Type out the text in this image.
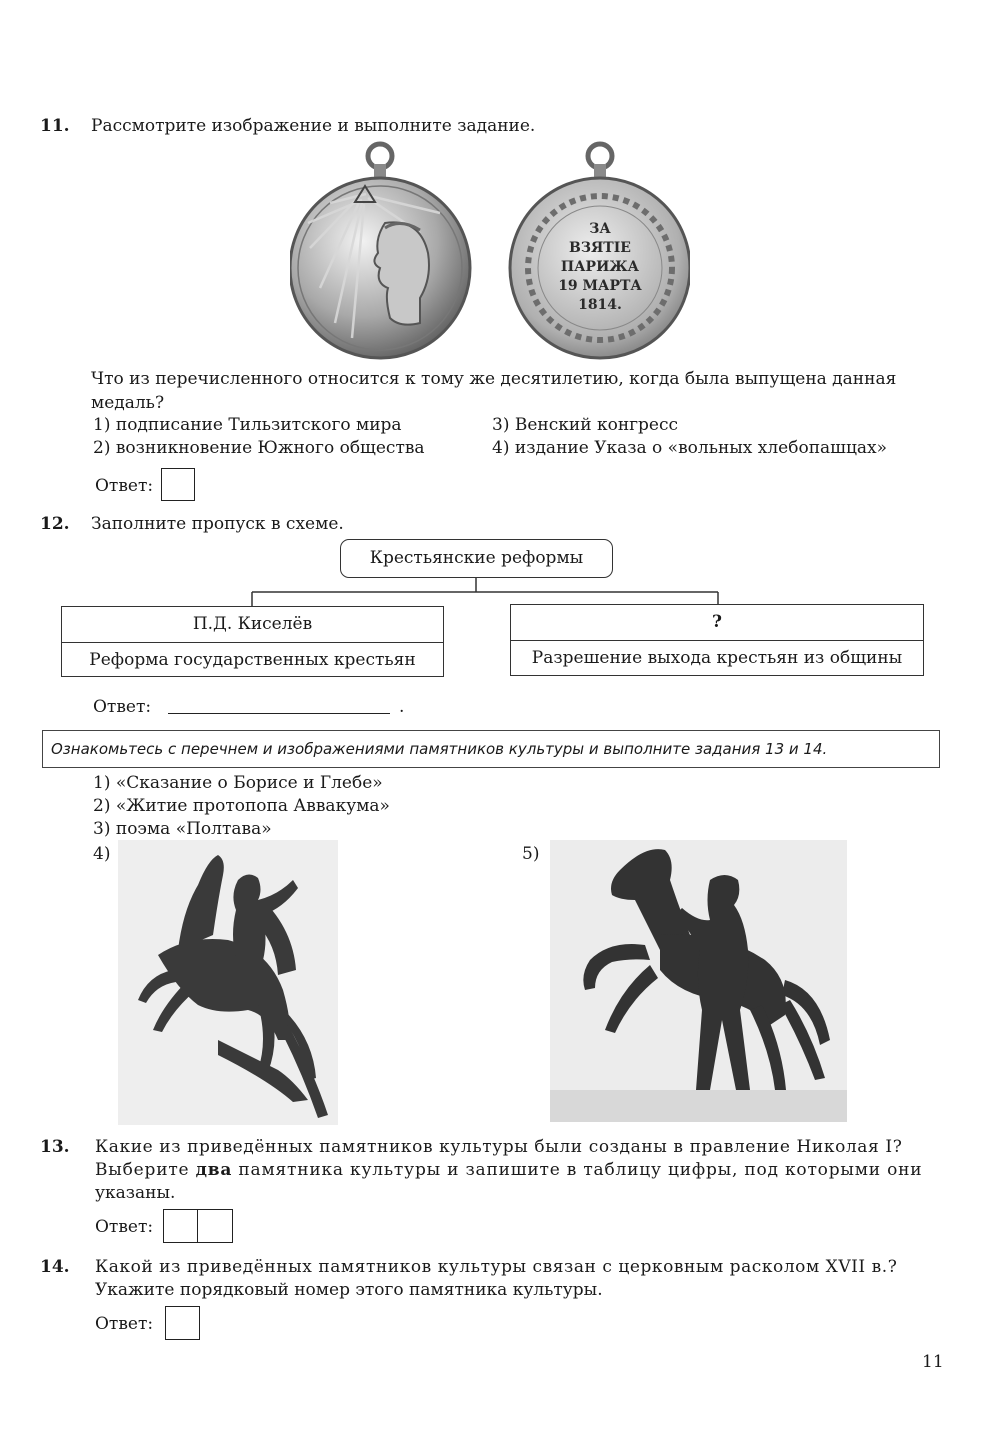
11. Рассмотрите изображение и выполните задание.
ЗА
ВЗЯТІЕ
ПАРИЖА
19 МАРТА
1814.
Что из перечисленного относится к тому же десятилетию, когда была выпущена данная
медаль?
1) подписание Тильзитского мира
2) возникновение Южного общества
3) Венский конгресс
4) издание Указа о «вольных хлебопашцах»
Ответ:
12. Заполните пропуск в схеме.
Крестьянские реформы
П.Д. Киселёв
Реформа государственных крестьян
?
Разрешение выхода крестьян из общины
Ответ:	.
Ознакомьтесь с перечнем и изображениями памятников культуры и выполните задания 13 и 14.
1) «Сказание о Борисе и Глебе»
2) «Житие протопопа Аввакума»
3) поэма «Полтава»
4)	5)
13. Какие из приведённых памятников культуры были созданы в правление Николая I?
Выберите два памятника культуры и запишите в таблицу цифры, под которыми они
указаны.
Ответ:
14. Какой из приведённых памятников культуры связан с церковным расколом XVII в.?
Укажите порядковый номер этого памятника культуры.
Ответ:
11
